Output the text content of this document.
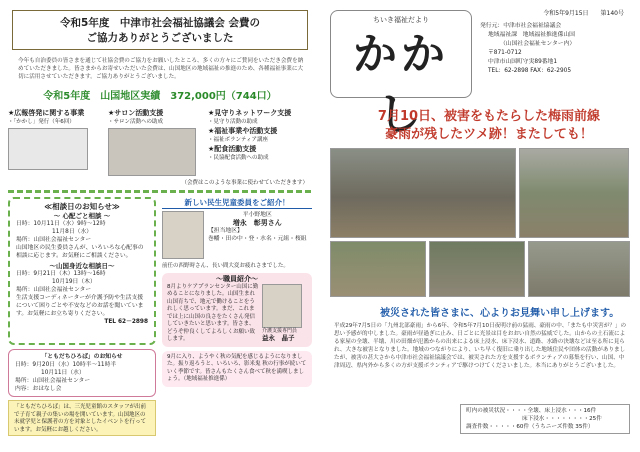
令和5年度　中津市社会福祉協議会 会費の
ご協力ありがとうございました

今年も自治委員の皆さまを通じて社協会費のご協力をお願いしたところ、多くの方々にご賛同をいただき会費を納めていただきました。皆さまからお寄せいただいた会費は、山国地区の地域福祉の推進のため、各種福祉事業に大切に活用させていただきます。ご協力ありがとうございました。

令和5年度　山国地区実績　372,000円（744口）
★広報啓発に関する事業

・「かかし」発行（年6回）

★サロン活動支援

・サロン活動への助成

★見守りネットワーク支援

・見守り活動の助成

★福祉事業や活動支援

・福祉ボランティア講座

★配食活動支援

・民協配食活動への助成

（会費はこのような事業に使わせていただきます）
≪相談日のお知らせ≫
～ 心配ごと相談 ～
日時：10月11日（水）9時～12時
11月8日（水）
場所：山国社会福祉センター
山国地区の民生委員さんが、いろいろな心配事の相談に応じます。お気軽にご相談ください。
～山国身近な相談日～
日時：9月21日（木）13時～16時
10月19日（木）
場所：山国社会福祉センター
生活支援コーディネーターが介護予防や生活支援について困りごとや不安などのお話を聞いています。お気軽にお立ち寄りください。
TEL 62－2898
「ともだちひろば」のお知らせ
日時：9月20日（水）10時半～11時半
10月11日（水）
場所：山国社会福祉センター
内容：おはなし会
「ともだちひろば」は、三光児童館のスタッフが出前で子育て親子の集いの場を開いています。山国地区の未就学児と保護者の方を対象としたイベントを行っています。お気軽にお越しください。
新しい民生児童委員をご紹介！
平小野地区
増永　彰男さん
【担当地区】
巻幡・田の中・登・水名・元組・桜組
前任の西野時さん、長い間大変お疲れさまでした。
～職員紹介～
8月よりケアプランセンター山国に勤めることになりました。山国生まれ山国育ちで、地元で働けることをうれしく思っています。まだ、これまでは上に山国の良さをたくさん発信していきたいと思います。皆さま、どうぞ仲良くしてよろしくお願い致します。
介護支援専門員
益永　晶子
9月に入り、ようやく秋の気配を感じるようになりました。振り返ろうと、いろいろ、影米鬼 秋の行事が続いていく季節です。皆さんもたくさん食べて秋を満喫しましょう。（地域福祉推進係）
ちいき福祉だより
かかし
令和5年9月15日　　第140号
発行元：中津市社会福祉協議会
地域福祉課　地域福祉推進係山国
（山国社会福祉センター内）
〒871-0712
中津市山国町守実89番地1
TEL：62-2898 FAX：62-2905
7月10日、被害をもたらした梅雨前線
豪雨が残したツメ跡！またしても！
被災された皆さまに、心よりお見舞い申し上げます。

平成29年7月5日の「九州北部豪雨」から6年、令和5年7月10日夜明け前の猛雨、豪雨の中、「またも中災害が？」の思い予感が的中しました。豪雨が昼過ぎに止み、日ごとに光景は目をおおい自然の猛威でした。山からの土石流による家屋の全壊、半壊、川の田畑が氾濫からの出来による床上浸水、床下浸水、道路、水路の決壊などは至る所に見られ、大きな被害となりました。地域のつながりにより、いち早く復旧に乗り出した地域住民や団体の活動がありましたが、被害の甚大さから中津市社会福祉協議会では、被災された方を支援するボランティアの募集を行い、山国、中津周辺、県内外から多くの方が支援ボランティアで駆けつけてくださいました。本当にありがとうございました。

町内の被災状況・・・・全壊、床上浸水・・・16件
床下浸水・・・・・・・・25件
調査件数・・・・・60件（うちニーズ件数 35件）
